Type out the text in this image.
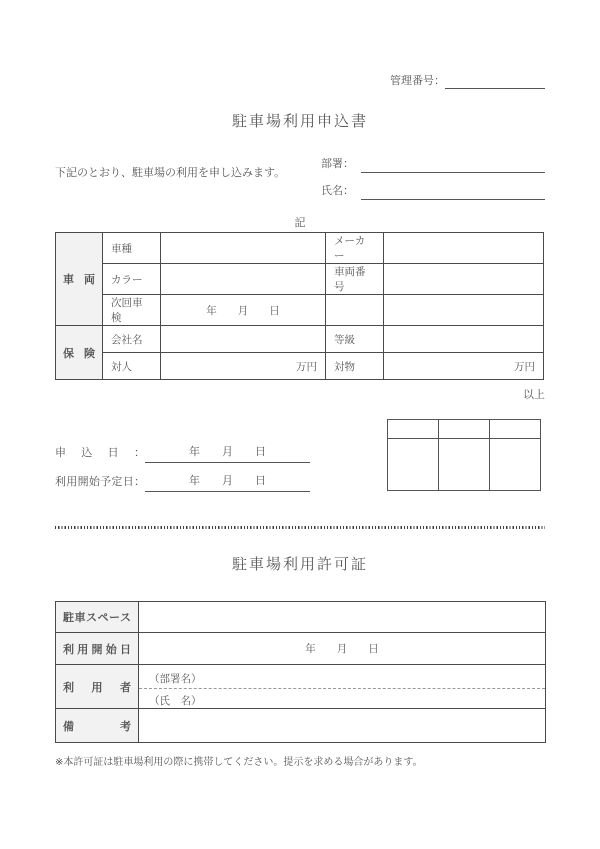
管理番号：
駐車場利用申込書
下記のとおり、駐車場の利用を申し込みます。
部署：
氏名：
記
車 両	車種		メーカー	
	カラー		車両番号	
	次回車検	年　　月　　日		
保 険	会社名		等級	
	対人	万円	対物	万円
以上
申 込 日 ：	年　　月　　日
利用開始予定日：	年　　月　　日

駐車場利用許可証
駐車スペース	
利 用 開 始 日	年　　月　　日
利 用 者	（部署名）
	（氏　名）
備 考	
※本許可証は駐車場利用の際に携帯してください。提示を求める場合があります。
